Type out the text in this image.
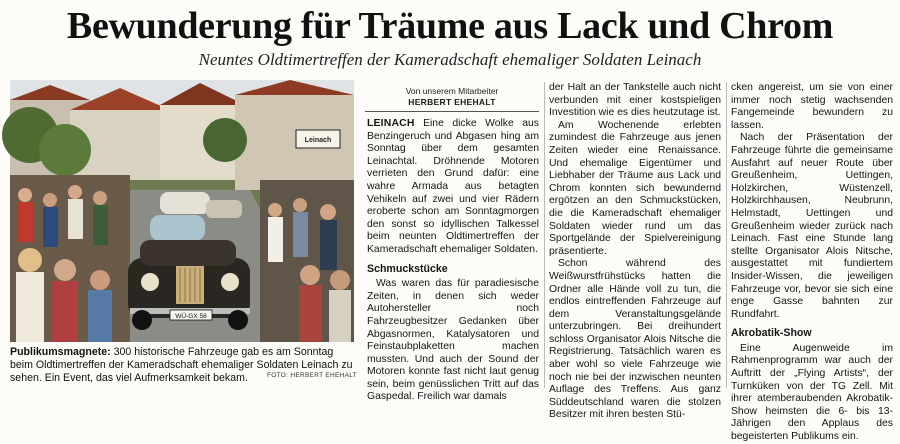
Bewunderung für Träume aus Lack und Chrom
Neuntes Oldtimertreffen der Kameradschaft ehemaliger Soldaten Leinach
Leinach
WÜ-GX 58
Publikumsmagnete: 300 historische Fahrzeuge gab es am Sonntag beim Oldtimertreffen der Kameradschaft ehemaliger Soldaten Leinach zu sehen. Ein Event, das viel Aufmerksamkeit bekam.	FOTO: HERBERT EHEHALT
Von unserem Mitarbeiter
HERBERT EHEHALT

LEINACH Eine dicke Wolke aus Benzingeruch und Abgasen hing am Sonntag über dem gesamten Leinachtal. Dröhnende Motoren verrieten den Grund dafür: eine wahre Armada aus betagten Vehikeln auf zwei und vier Rädern eroberte schon am Sonntagmorgen den sonst so idyllischen Talkessel beim neunten Oldtimertreffen der Kameradschaft ehemaliger Soldaten.

Schmuckstücke

Was waren das für paradiesische Zeiten, in denen sich weder Autohersteller noch Fahrzeugbesitzer Gedanken über Abgasnormen, Katalysatoren und Feinstaubplaketten machen mussten. Und auch der Sound der Motoren konnte fast nicht laut genug sein, beim genüsslichen Tritt auf das Gaspedal. Freilich war damals

der Halt an der Tankstelle auch nicht verbunden mit einer kostspieligen Investition wie es dies heutzutage ist.

Am Wochenende erlebten zumindest die Fahrzeuge aus jenen Zeiten wieder eine Renaissance. Und ehemalige Eigentümer und Liebhaber der Träume aus Lack und Chrom konnten sich bewundernd ergötzen an den Schmuckstücken, die die Kameradschaft ehemaliger Soldaten wieder rund um das Sportgelände der Spielvereinigung präsentierte.

Schon während des Weißwurstfrühstücks hatten die Ordner alle Hände voll zu tun, die endlos eintreffenden Fahrzeuge auf dem Veranstaltungsgelände unterzubringen. Bei dreihundert schloss Organisator Alois Nitsche die Registrierung. Tatsächlich waren es aber wohl so viele Fahrzeuge wie noch nie bei der inzwischen neunten Auflage des Treffens. Aus ganz Süddeutschland waren die stolzen Besitzer mit ihren besten Stü-

cken angereist, um sie von einer immer noch stetig wachsenden Fangemeinde bewundern zu lassen.

Nach der Präsentation der Fahrzeuge führte die gemeinsame Ausfahrt auf neuer Route über Greußenheim, Uettingen, Holzkirchen, Wüstenzell, Holzkirchhausen, Neubrunn, Helmstadt, Uettingen und Greußenheim wieder zurück nach Leinach. Fast eine Stunde lang stellte Organisator Alois Nitsche, ausgestattet mit fundiertem Insider-Wissen, die jeweiligen Fahrzeuge vor, bevor sie sich eine enge Gasse bahnten zur Rundfahrt.

Akrobatik-Show

Eine Augenweide im Rahmenprogramm war auch der Auftritt der „Flying Artists“, der Turnküken von der TG Zell. Mit ihrer atemberaubenden Akrobatik-Show heimsten die 6- bis 13-Jährigen den Applaus des begeisterten Publikums ein.
